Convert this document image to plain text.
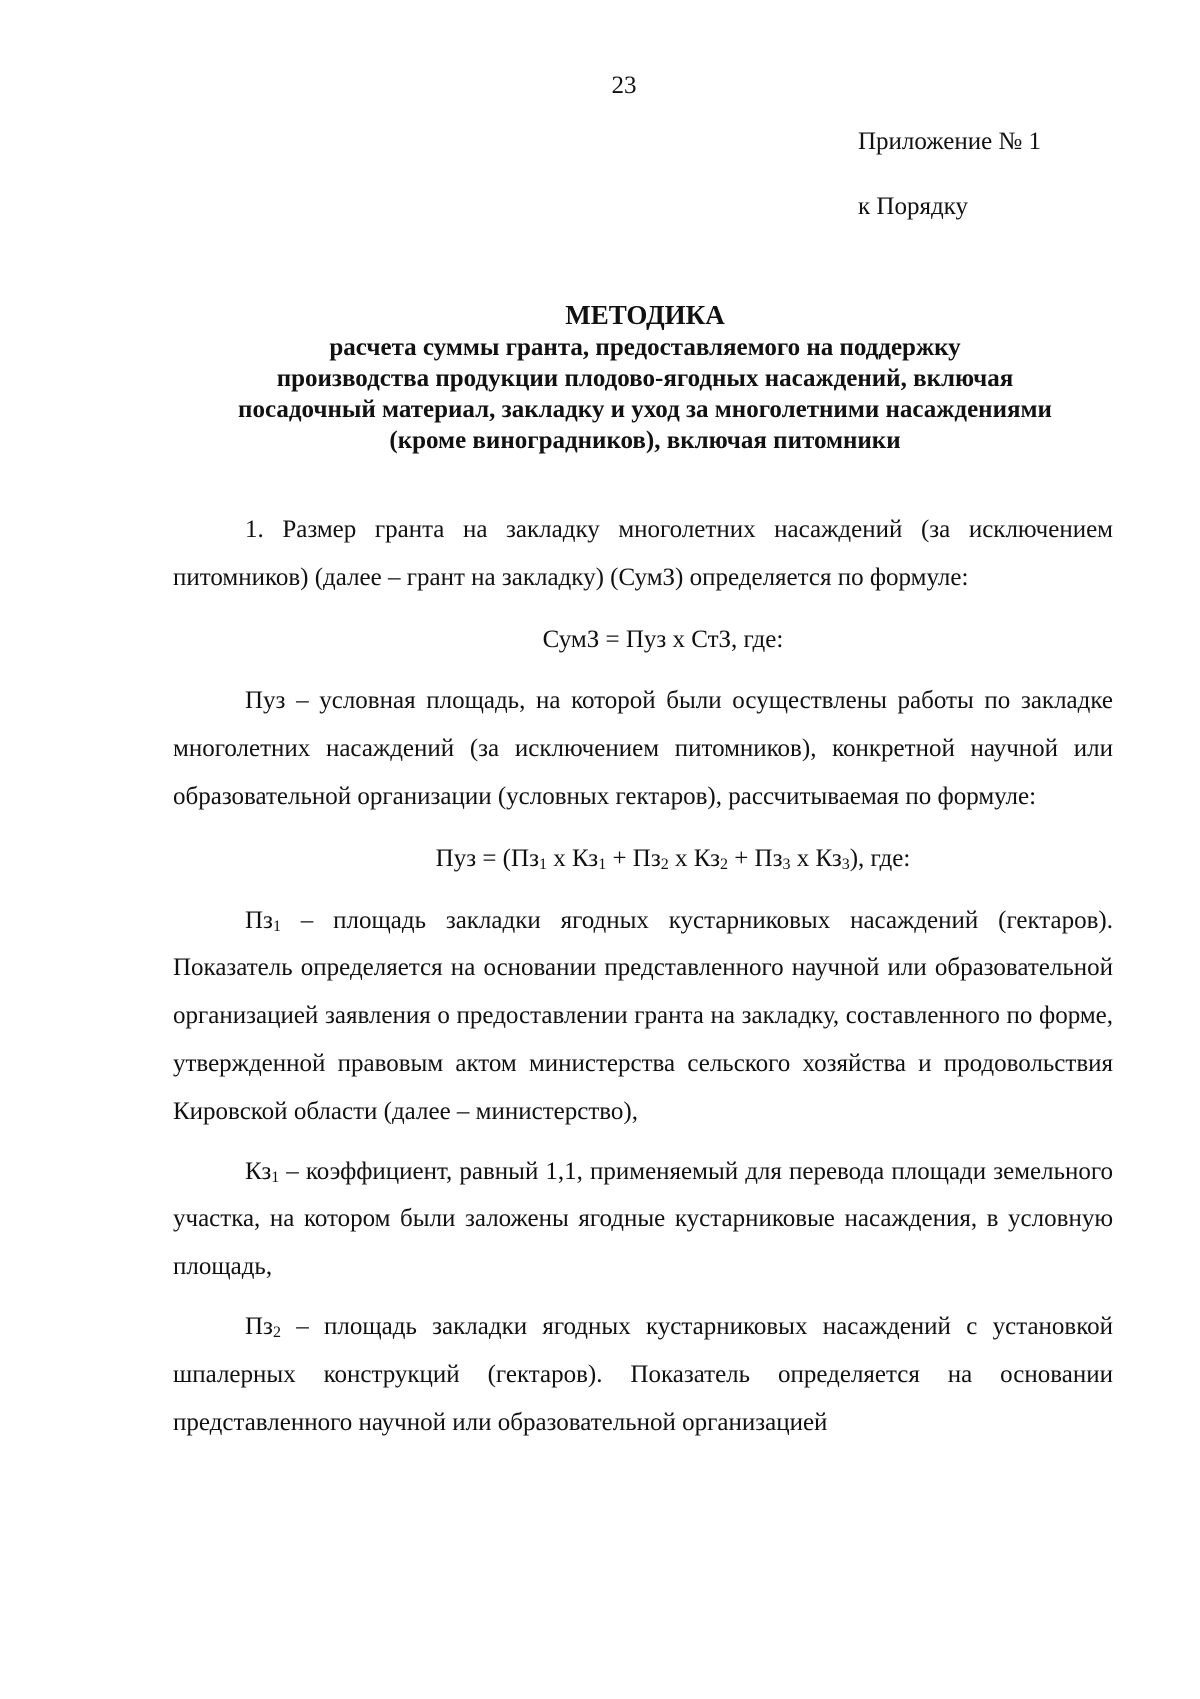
23
Приложение № 1
к Порядку
МЕТОДИКА
расчета суммы гранта, предоставляемого на поддержку
производства продукции плодово-ягодных насаждений, включая
посадочный материал, закладку и уход за многолетними насаждениями
(кроме виноградников), включая питомники

1. Размер гранта на закладку многолетних насаждений (за исключением питомников) (далее – грант на закладку) (СумЗ) определяется по формуле:

СумЗ = Пуз х СтЗ, где:

Пуз – условная площадь, на которой были осуществлены работы по закладке многолетних насаждений (за исключением питомников), конкретной научной или образовательной организации (условных гектаров), рассчитываемая по формуле:

Пуз = ($Пз_1$ х $Кз_1 + Пз_2$ х $Кз_2 + Пз_3$ х $Кз_3$), где:

$Пз_1$ – площадь закладки ягодных кустарниковых насаждений (гектаров). Показатель определяется на основании представленного научной или образовательной организацией заявления о предоставлении гранта на закладку, составленного по форме, утвержденной правовым актом министерства сельского хозяйства и продовольствия Кировской области (далее – министерство),

$Кз_1$ – коэффициент, равный 1,1, применяемый для перевода площади земельного участка, на котором были заложены ягодные кустарниковые насаждения, в условную площадь,

$Пз_2$ – площадь закладки ягодных кустарниковых насаждений с установкой шпалерных конструкций (гектаров). Показатель определяется на основании представленного научной или образовательной организацией
